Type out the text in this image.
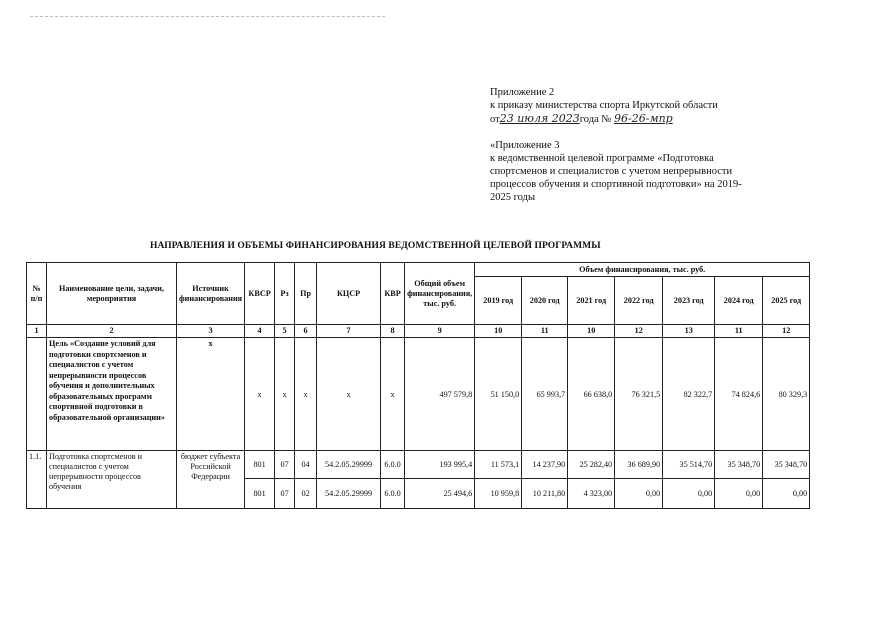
Приложение 2
к приказу министерства спорта Иркутской области
от23 июля 2023года № 96-26-мпр
«Приложение 3
к ведомственной целевой программе «Подготовка
спортсменов и специалистов с учетом непрерывности
процессов обучения и спортивной подготовки» на 2019-
2025 годы
НАПРАВЛЕНИЯ И ОБЪЕМЫ ФИНАНСИРОВАНИЯ ВЕДОМСТВЕННОЙ ЦЕЛЕВОЙ ПРОГРАММЫ
№ п/п	Наименование цели, задачи, мероприятия	Источник финансирования	КВСР	Рз	Пр	КЦСР	КВР	Общий объем финансирования, тыс. руб.	Объем финансирования, тыс. руб.						
									2019 год	2020 год	2021 год	2022 год	2023 год	2024 год	2025 год
1	2	3	4	5	6	7	8	9	10	11	10	12	13	11	12
	Цель «Создание условий для подготовки спортсменов и специалистов с учетом непрерывности процессов обучения и дополнительных образовательных программ спортивной подготовки в образовательной организации»	х	х	х	х	х	х	497 579,8	51 150,0	65 993,7	66 638,0	76 321,5	82 322,7	74 824,6	80 329,3
1.1.	Подготовка спортсменов и специалистов с учетом непрерывности процессов обучения	бюджет субъекта Российской Федерации	801	07	04	54.2.05.29999	6.0.0	193 995,4	11 573,1	14 237,90	25 282,40	36 689,90	35 514,70	35 348,70	35 348,70
			801	07	02	54.2.05.29999	6.0.0	25 494,6	10 959,8	10 211,80	4 323,00	0,00	0,00	0,00	0,00
